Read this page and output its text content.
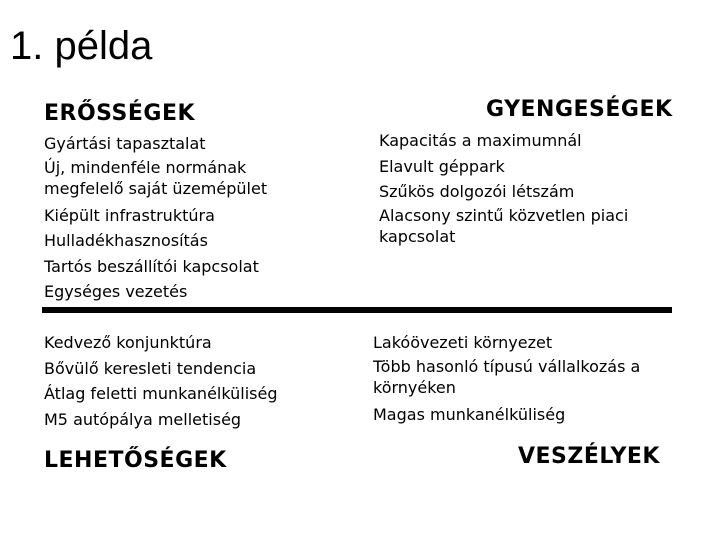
1. példa
ERŐSSÉGEK
Gyártási tapasztalat
Új, mindenféle normának megfelelő saját üzemépület
Kiépült infrastruktúra
Hulladékhasznosítás
Tartós beszállítói kapcsolat
Egységes vezetés
GYENGESÉGEK
Kapacitás a maximumnál
Elavult géppark
Szűkös dolgozói létszám
Alacsony szintű közvetlen piaci kapcsolat
Kedvező konjunktúra
Bővülő keresleti tendencia
Átlag feletti munkanélküliség
M5 autópálya melletiség
LEHETŐSÉGEK
Lakóövezeti környezet
Több hasonló típusú vállalkozás a környéken
Magas munkanélküliség
VESZÉLYEK
